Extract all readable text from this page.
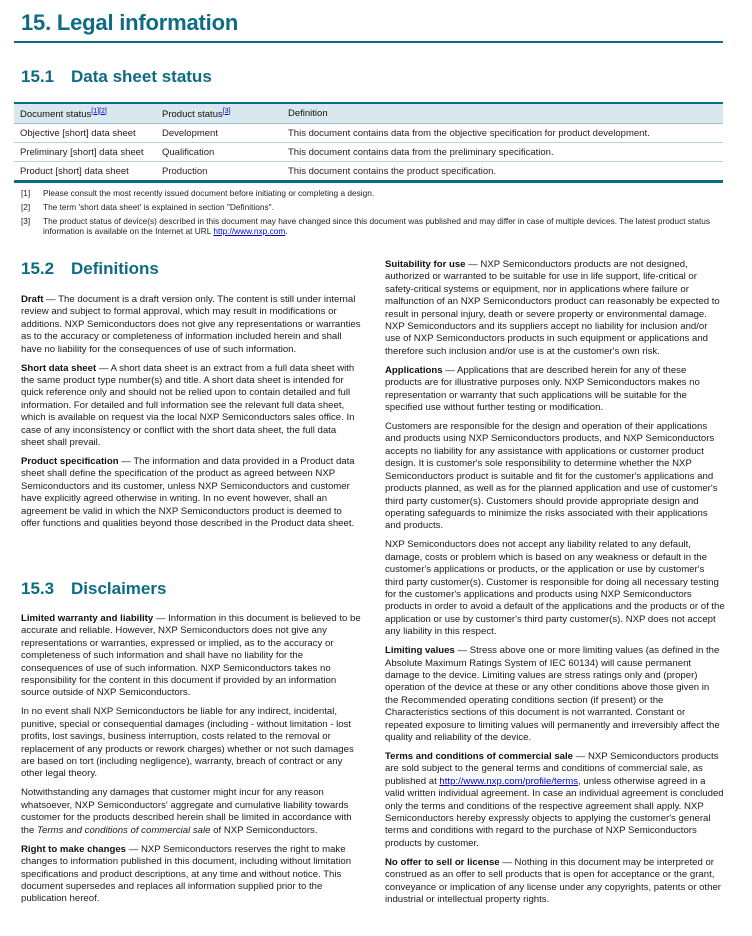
15. Legal information
15.1 Data sheet status
Document status[1][2]	Product status[3]	Definition
Objective [short] data sheet	Development	This document contains data from the objective specification for product development.
Preliminary [short] data sheet	Qualification	This document contains data from the preliminary specification.
Product [short] data sheet	Production	This document contains the product specification.
[1]	Please consult the most recently issued document before initiating or completing a design.
[2]	The term 'short data sheet' is explained in section "Definitions".
[3]	The product status of device(s) described in this document may have changed since this document was published and may differ in case of multiple devices. The latest product status information is available on the Internet at URL http://www.nxp.com.
15.2 Definitions

Draft — The document is a draft version only. The content is still under internal review and subject to formal approval, which may result in modifications or additions. NXP Semiconductors does not give any representations or warranties as to the accuracy or completeness of information included herein and shall have no liability for the consequences of use of such information.

Short data sheet — A short data sheet is an extract from a full data sheet with the same product type number(s) and title. A short data sheet is intended for quick reference only and should not be relied upon to contain detailed and full information. For detailed and full information see the relevant full data sheet, which is available on request via the local NXP Semiconductors sales office. In case of any inconsistency or conflict with the short data sheet, the full data sheet shall prevail.

Product specification — The information and data provided in a Product data sheet shall define the specification of the product as agreed between NXP Semiconductors and its customer, unless NXP Semiconductors and customer have explicitly agreed otherwise in writing. In no event however, shall an agreement be valid in which the NXP Semiconductors product is deemed to offer functions and qualities beyond those described in the Product data sheet.

15.3 Disclaimers

Limited warranty and liability — Information in this document is believed to be accurate and reliable. However, NXP Semiconductors does not give any representations or warranties, expressed or implied, as to the accuracy or completeness of such information and shall have no liability for the consequences of use of such information. NXP Semiconductors takes no responsibility for the content in this document if provided by an information source outside of NXP Semiconductors.

In no event shall NXP Semiconductors be liable for any indirect, incidental, punitive, special or consequential damages (including - without limitation - lost profits, lost savings, business interruption, costs related to the removal or replacement of any products or rework charges) whether or not such damages are based on tort (including negligence), warranty, breach of contract or any other legal theory.

Notwithstanding any damages that customer might incur for any reason whatsoever, NXP Semiconductors' aggregate and cumulative liability towards customer for the products described herein shall be limited in accordance with the Terms and conditions of commercial sale of NXP Semiconductors.

Right to make changes — NXP Semiconductors reserves the right to make changes to information published in this document, including without limitation specifications and product descriptions, at any time and without notice. This document supersedes and replaces all information supplied prior to the publication hereof.

Suitability for use — NXP Semiconductors products are not designed, authorized or warranted to be suitable for use in life support, life-critical or safety-critical systems or equipment, nor in applications where failure or malfunction of an NXP Semiconductors product can reasonably be expected to result in personal injury, death or severe property or environmental damage. NXP Semiconductors and its suppliers accept no liability for inclusion and/or use of NXP Semiconductors products in such equipment or applications and therefore such inclusion and/or use is at the customer's own risk.

Applications — Applications that are described herein for any of these products are for illustrative purposes only. NXP Semiconductors makes no representation or warranty that such applications will be suitable for the specified use without further testing or modification.

Customers are responsible for the design and operation of their applications and products using NXP Semiconductors products, and NXP Semiconductors accepts no liability for any assistance with applications or customer product design. It is customer's sole responsibility to determine whether the NXP Semiconductors product is suitable and fit for the customer's applications and products planned, as well as for the planned application and use of customer's third party customer(s). Customers should provide appropriate design and operating safeguards to minimize the risks associated with their applications and products.

NXP Semiconductors does not accept any liability related to any default, damage, costs or problem which is based on any weakness or default in the customer's applications or products, or the application or use by customer's third party customer(s). Customer is responsible for doing all necessary testing for the customer's applications and products using NXP Semiconductors products in order to avoid a default of the applications and the products or of the application or use by customer's third party customer(s). NXP does not accept any liability in this respect.

Limiting values — Stress above one or more limiting values (as defined in the Absolute Maximum Ratings System of IEC 60134) will cause permanent damage to the device. Limiting values are stress ratings only and (proper) operation of the device at these or any other conditions above those given in the Recommended operating conditions section (if present) or the Characteristics sections of this document is not warranted. Constant or repeated exposure to limiting values will permanently and irreversibly affect the quality and reliability of the device.

Terms and conditions of commercial sale — NXP Semiconductors products are sold subject to the general terms and conditions of commercial sale, as published at http://www.nxp.com/profile/terms, unless otherwise agreed in a valid written individual agreement. In case an individual agreement is concluded only the terms and conditions of the respective agreement shall apply. NXP Semiconductors hereby expressly objects to applying the customer's general terms and conditions with regard to the purchase of NXP Semiconductors products by customer.

No offer to sell or license — Nothing in this document may be interpreted or construed as an offer to sell products that is open for acceptance or the grant, conveyance or implication of any license under any copyrights, patents or other industrial or intellectual property rights.
